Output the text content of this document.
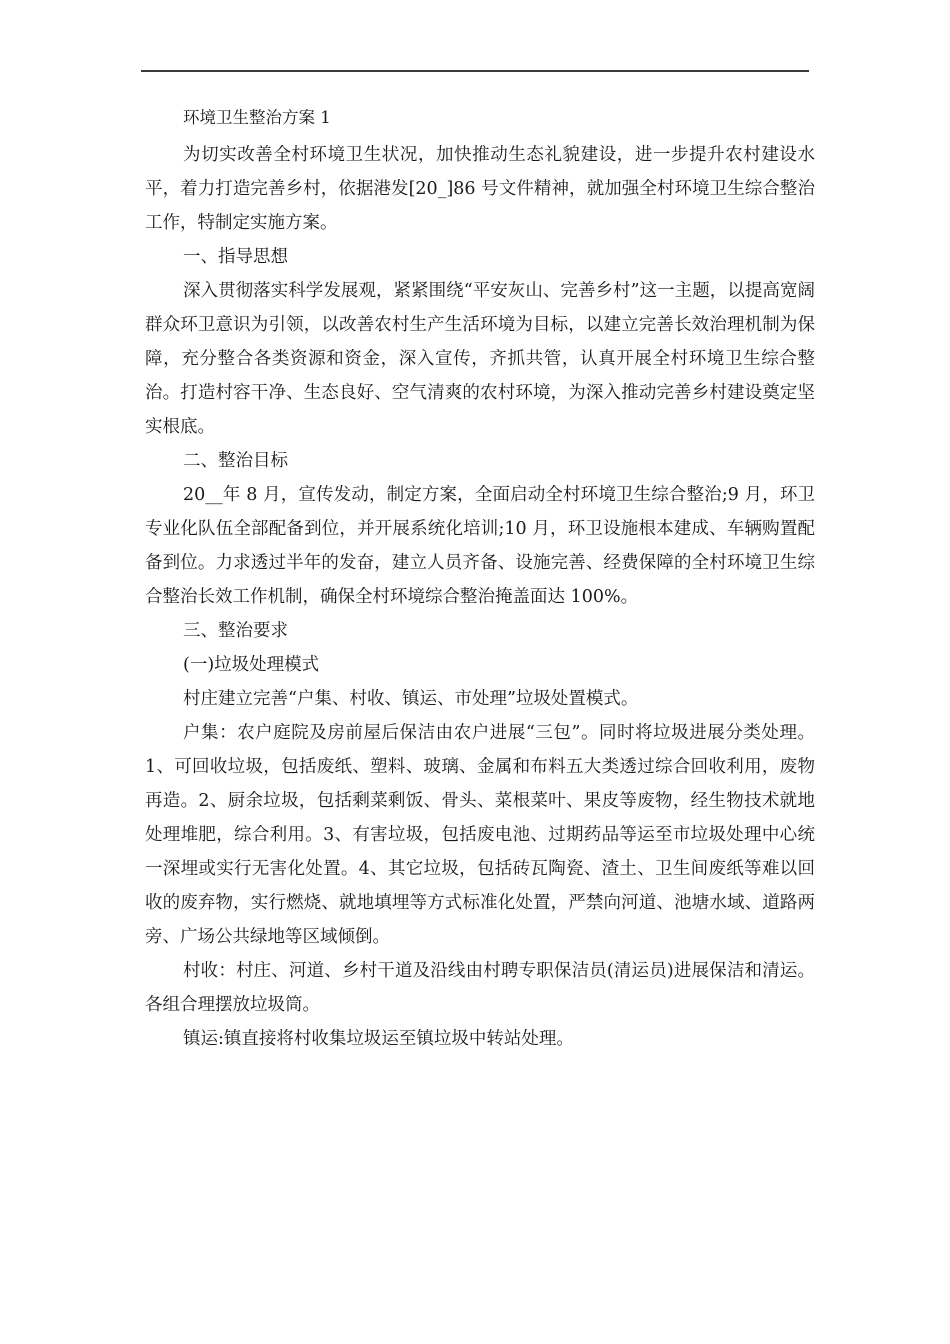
环境卫生整治方案 1

为切实改善全村环境卫生状况，加快推动生态礼貌建设，进一步提升农村建设水平，着力打造完善乡村，依据港发[20_]86 号文件精神，就加强全村环境卫生综合整治工作，特制定实施方案。

一、指导思想

深入贯彻落实科学发展观，紧紧围绕“平安灰山、完善乡村”这一主题，以提高宽阔群众环卫意识为引领，以改善农村生产生活环境为目标，以建立完善长效治理机制为保障，充分整合各类资源和资金，深入宣传，齐抓共管，认真开展全村环境卫生综合整治。打造村容干净、生态良好、空气清爽的农村环境，为深入推动完善乡村建设奠定坚实根底。

二、整治目标

20__年 8 月，宣传发动，制定方案，全面启动全村环境卫生综合整治;9 月，环卫专业化队伍全部配备到位，并开展系统化培训;10 月，环卫设施根本建成、车辆购置配备到位。力求透过半年的发奋，建立人员齐备、设施完善、经费保障的全村环境卫生综合整治长效工作机制，确保全村环境综合整治掩盖面达 100%。

三、整治要求

(一)垃圾处理模式

村庄建立完善“户集、村收、镇运、市处理”垃圾处置模式。

户集：农户庭院及房前屋后保洁由农户进展“三包”。同时将垃圾进展分类处理。1、可回收垃圾，包括废纸、塑料、玻璃、金属和布料五大类透过综合回收利用，废物再造。2、厨余垃圾，包括剩菜剩饭、骨头、菜根菜叶、果皮等废物，经生物技术就地处理堆肥，综合利用。3、有害垃圾，包括废电池、过期药品等运至市垃圾处理中心统一深埋或实行无害化处置。4、其它垃圾，包括砖瓦陶瓷、渣土、卫生间废纸等难以回收的废弃物，实行燃烧、就地填埋等方式标准化处置，严禁向河道、池塘水域、道路两旁、广场公共绿地等区域倾倒。

村收：村庄、河道、乡村干道及沿线由村聘专职保洁员(清运员)进展保洁和清运。各组合理摆放垃圾筒。

镇运:镇直接将村收集垃圾运至镇垃圾中转站处理。
